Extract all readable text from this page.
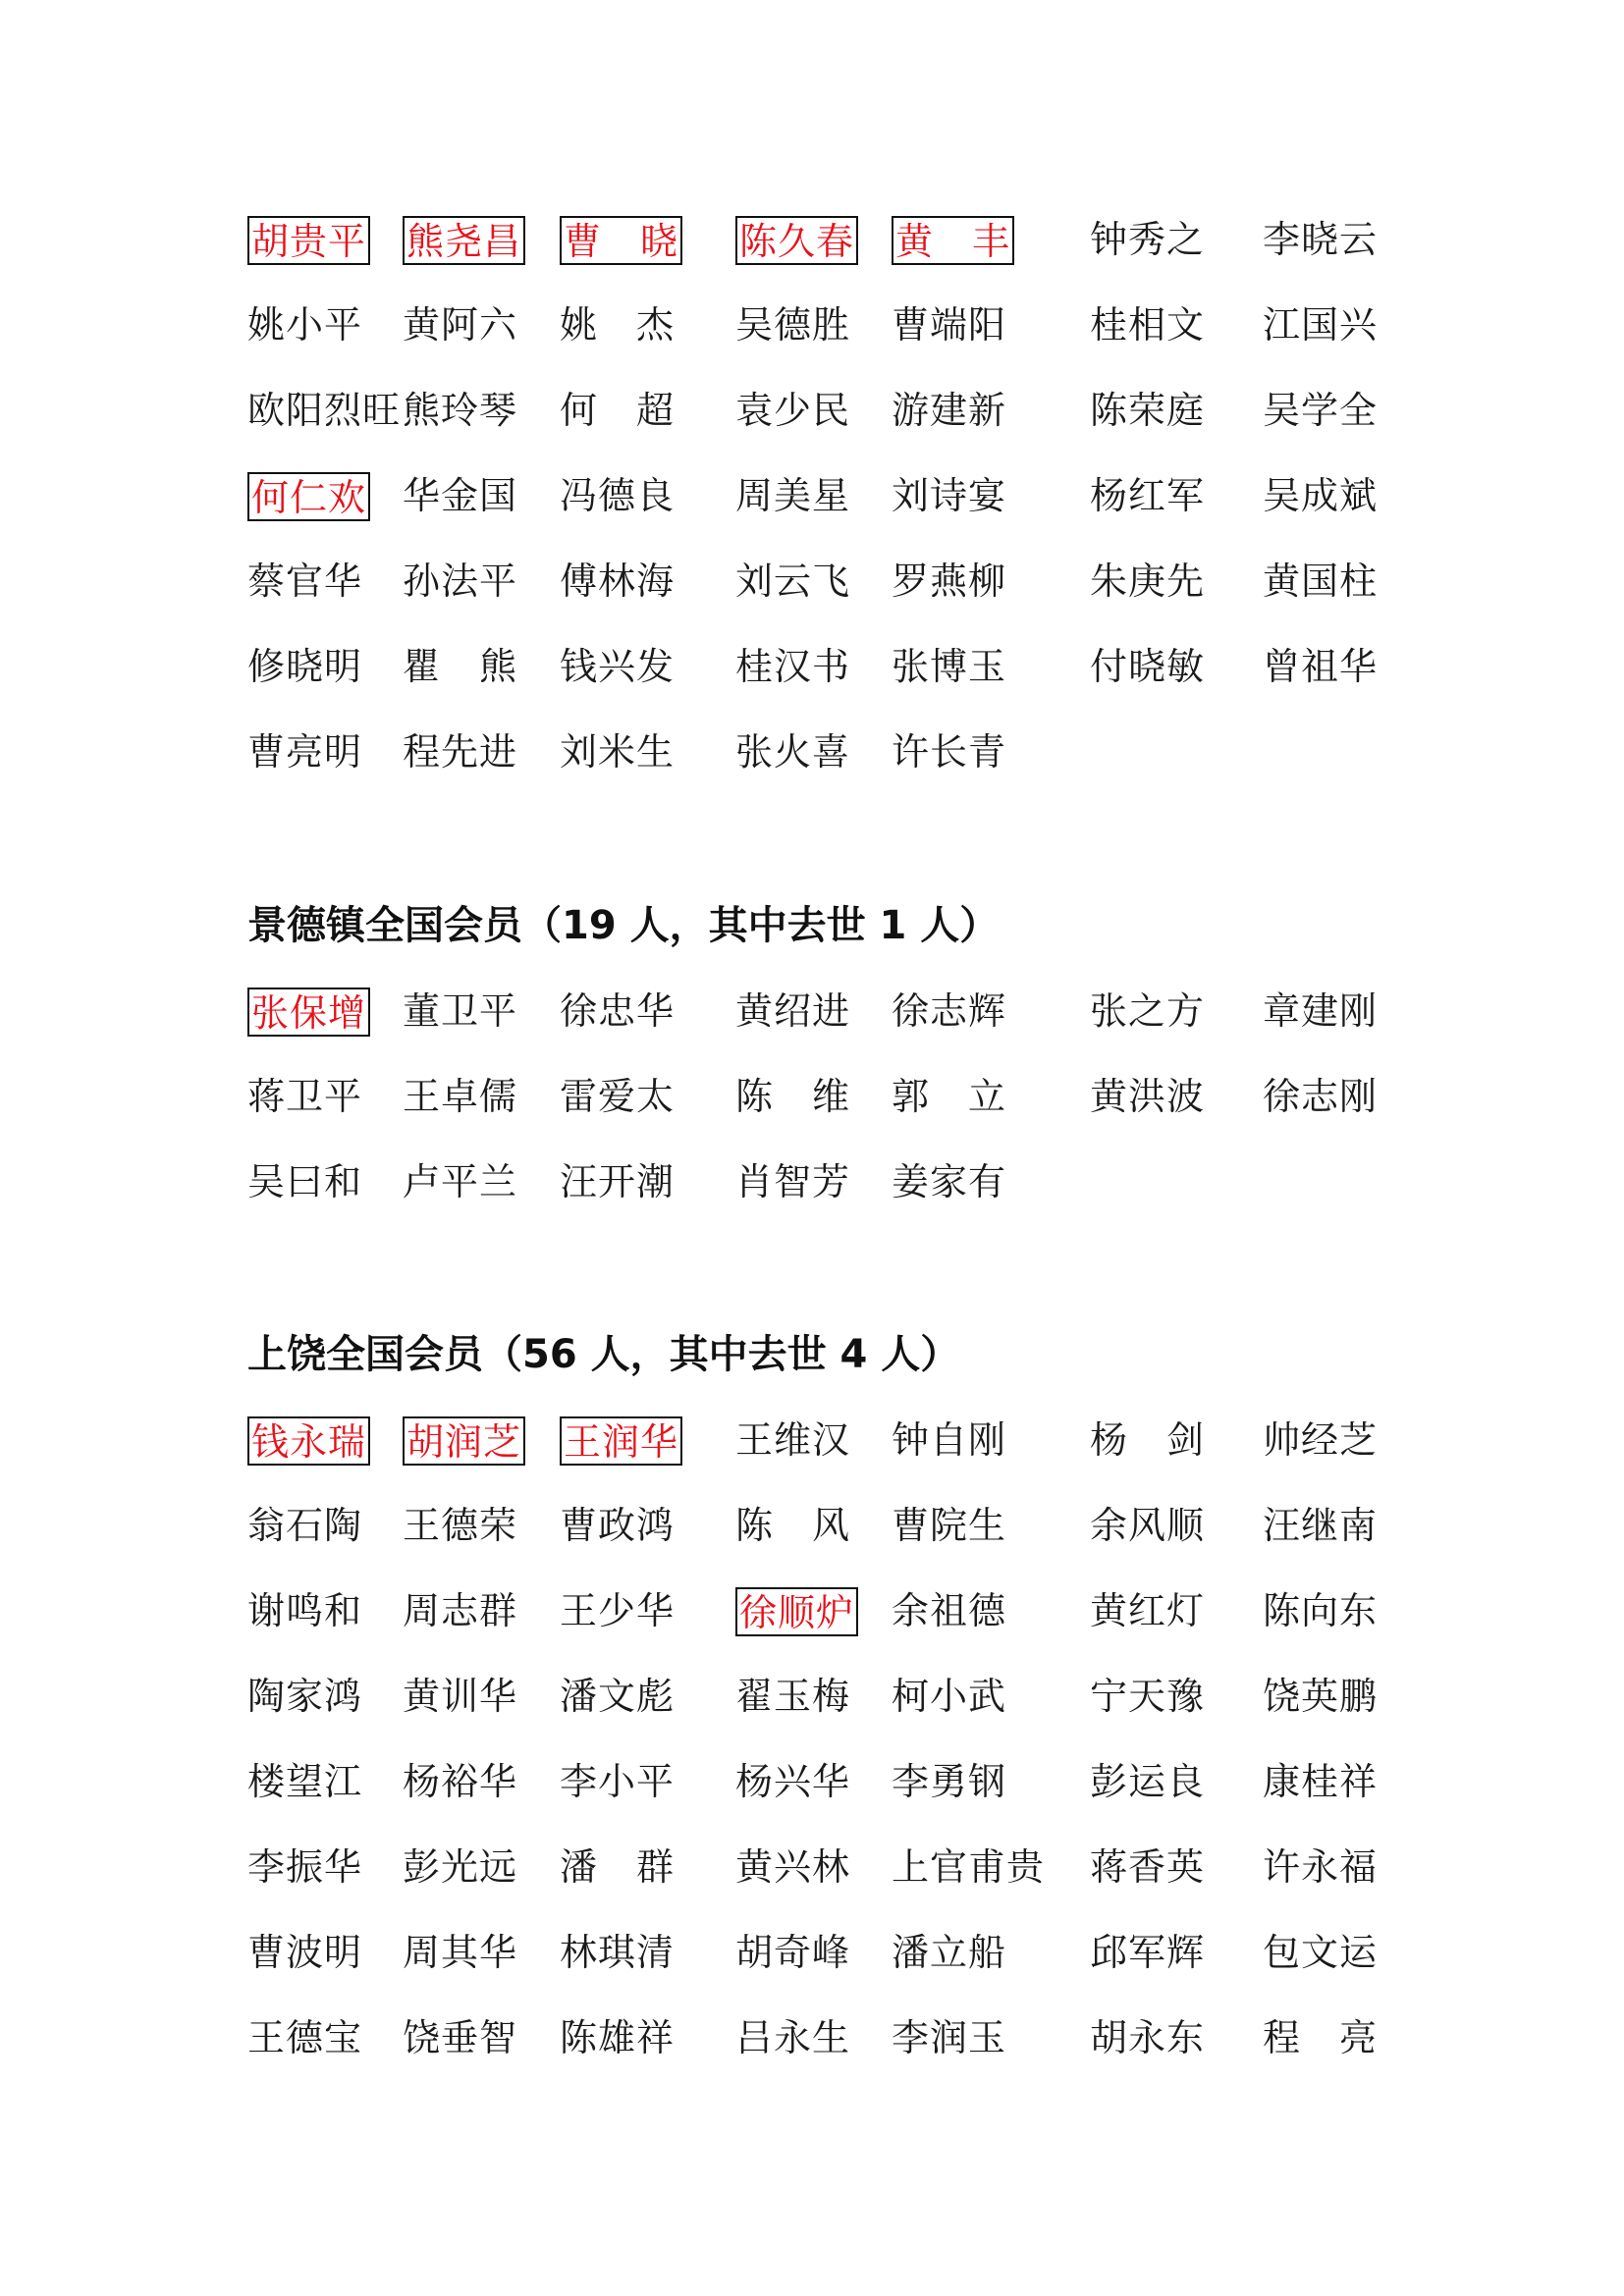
胡贵平 熊尧昌 曹　晓 陈久春 黄　丰 钟秀之 李晓云
姚小平 黄阿六 姚　杰 吴德胜 曹端阳 桂相文 江国兴
欧阳烈旺 熊玲琴 何　超 袁少民 游建新 陈荣庭 吴学全
何仁欢 华金国 冯德良 周美星 刘诗宴 杨红军 吴成斌
蔡官华 孙法平 傅林海 刘云飞 罗燕柳 朱庚先 黄国柱
修晓明 瞿　熊 钱兴发 桂汉书 张博玉 付晓敏 曾祖华
曹亮明 程先进 刘米生 张火喜 许长青
景德镇全国会员（19 人，其中去世 1 人）
张保增 董卫平 徐忠华 黄绍进 徐志辉 张之方 章建刚
蒋卫平 王卓儒 雷爱太 陈　维 郭　立 黄洪波 徐志刚
吴曰和 卢平兰 汪开潮 肖智芳 姜家有
上饶全国会员（56 人，其中去世 4 人）
钱永瑞 胡润芝 王润华 王维汉 钟自刚 杨　剑 帅经芝
翁石陶 王德荣 曹政鸿 陈　风 曹院生 余风顺 汪继南
谢鸣和 周志群 王少华 徐顺炉 余祖德 黄红灯 陈向东
陶家鸿 黄训华 潘文彪 翟玉梅 柯小武 宁天豫 饶英鹏
楼望江 杨裕华 李小平 杨兴华 李勇钢 彭运良 康桂祥
李振华 彭光远 潘　群 黄兴林 上官甫贵 蒋香英 许永福
曹波明 周其华 林琪清 胡奇峰 潘立船 邱军辉 包文运
王德宝 饶垂智 陈雄祥 吕永生 李润玉 胡永东 程　亮
